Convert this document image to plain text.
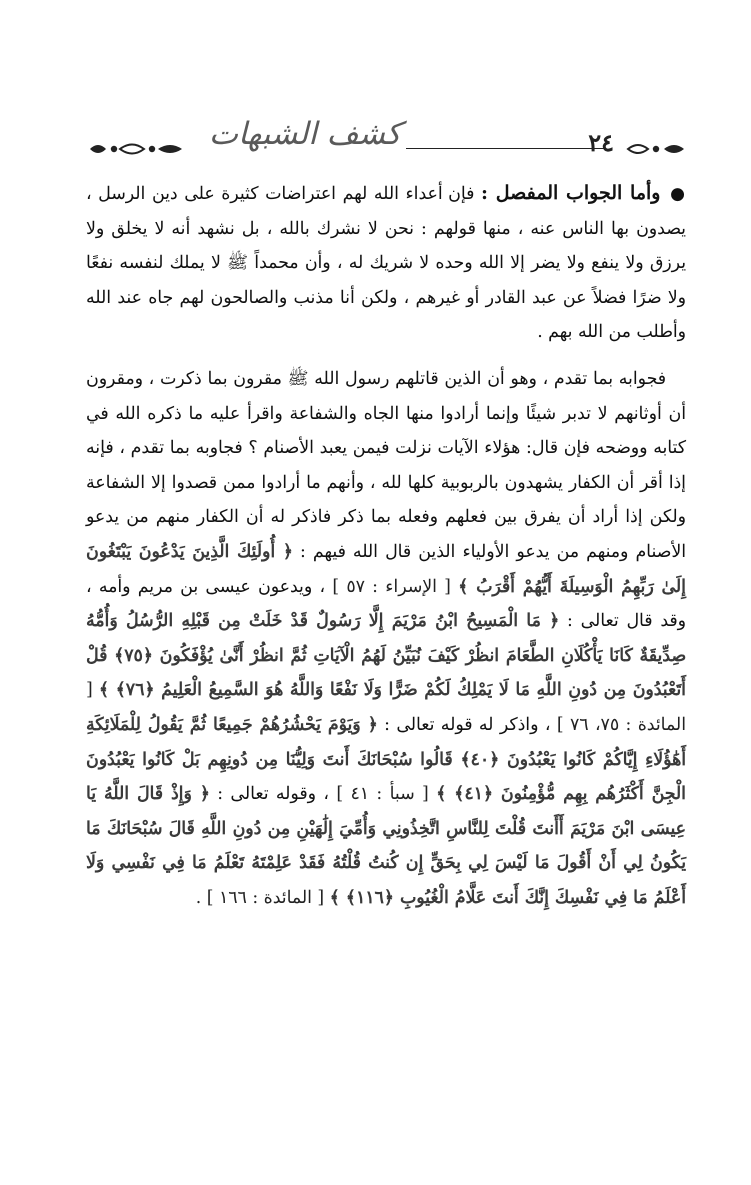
كشف الشبهات	٢٤

● وأما الجواب المفصل : فإن أعداء الله لهم اعتراضات كثيرة على دين الرسل ، يصدون بها الناس عنه ، منها قولهم : نحن لا نشرك بالله ، بل نشهد أنه لا يخلق ولا يرزق ولا ينفع ولا يضر إلا الله وحده لا شريك له ، وأن محمداً ﷺ لا يملك لنفسه نفعًا ولا ضرًا فضلاً عن عبد القادر أو غيرهم ، ولكن أنا مذنب والصالحون لهم جاه عند الله وأطلب من الله بهم .

فجوابه بما تقدم ، وهو أن الذين قاتلهم رسول الله ﷺ مقرون بما ذكرت ، ومقرون أن أوثانهم لا تدبر شيئًا وإنما أرادوا منها الجاه والشفاعة واقرأ عليه ما ذكره الله في كتابه ووضحه فإن قال: هؤلاء الآيات نزلت فيمن يعبد الأصنام ؟ فجاوبه بما تقدم ، فإنه إذا أقر أن الكفار يشهدون بالربوبية كلها لله ، وأنهم ما أرادوا ممن قصدوا إلا الشفاعة ولكن إذا أراد أن يفرق بين فعلهم وفعله بما ذكر فاذكر له أن الكفار منهم من يدعو الأصنام ومنهم من يدعو الأولياء الذين قال الله فيهم : ﴿ أُولَئِكَ الَّذِينَ يَدْعُونَ يَبْتَغُونَ إِلَىٰ رَبِّهِمُ الْوَسِيلَةَ أَيُّهُمْ أَقْرَبُ ﴾ [ الإسراء : ٥٧ ] ، ويدعون عيسى بن مريم وأمه ، وقد قال تعالى : ﴿ مَا الْمَسِيحُ ابْنُ مَرْيَمَ إِلَّا رَسُولٌ قَدْ خَلَتْ مِن قَبْلِهِ الرُّسُلُ وَأُمُّهُ صِدِّيقَةٌ كَانَا يَأْكُلَانِ الطَّعَامَ انظُرْ كَيْفَ نُبَيِّنُ لَهُمُ الْآيَاتِ ثُمَّ انظُرْ أَنَّىٰ يُؤْفَكُونَ ﴿٧٥﴾ قُلْ أَتَعْبُدُونَ مِن دُونِ اللَّهِ مَا لَا يَمْلِكُ لَكُمْ ضَرًّا وَلَا نَفْعًا وَاللَّهُ هُوَ السَّمِيعُ الْعَلِيمُ ﴿٧٦﴾ ﴾ [ المائدة : ٧٥، ٧٦ ] ، واذكر له قوله تعالى : ﴿ وَيَوْمَ يَحْشُرُهُمْ جَمِيعًا ثُمَّ يَقُولُ لِلْمَلَائِكَةِ أَهَٰؤُلَاءِ إِيَّاكُمْ كَانُوا يَعْبُدُونَ ﴿٤٠﴾ قَالُوا سُبْحَانَكَ أَنتَ وَلِيُّنَا مِن دُونِهِم بَلْ كَانُوا يَعْبُدُونَ الْجِنَّ أَكْثَرُهُم بِهِم مُّؤْمِنُونَ ﴿٤١﴾ ﴾ [ سبأ : ٤١ ] ، وقوله تعالى : ﴿ وَإِذْ قَالَ اللَّهُ يَا عِيسَى ابْنَ مَرْيَمَ أَأَنتَ قُلْتَ لِلنَّاسِ اتَّخِذُونِي وَأُمِّيَ إِلَٰهَيْنِ مِن دُونِ اللَّهِ قَالَ سُبْحَانَكَ مَا يَكُونُ لِي أَنْ أَقُولَ مَا لَيْسَ لِي بِحَقٍّ إِن كُنتُ قُلْتُهُ فَقَدْ عَلِمْتَهُ تَعْلَمُ مَا فِي نَفْسِي وَلَا أَعْلَمُ مَا فِي نَفْسِكَ إِنَّكَ أَنتَ عَلَّامُ الْغُيُوبِ ﴿١١٦﴾ ﴾ [ المائدة : ١٦٦ ] .
